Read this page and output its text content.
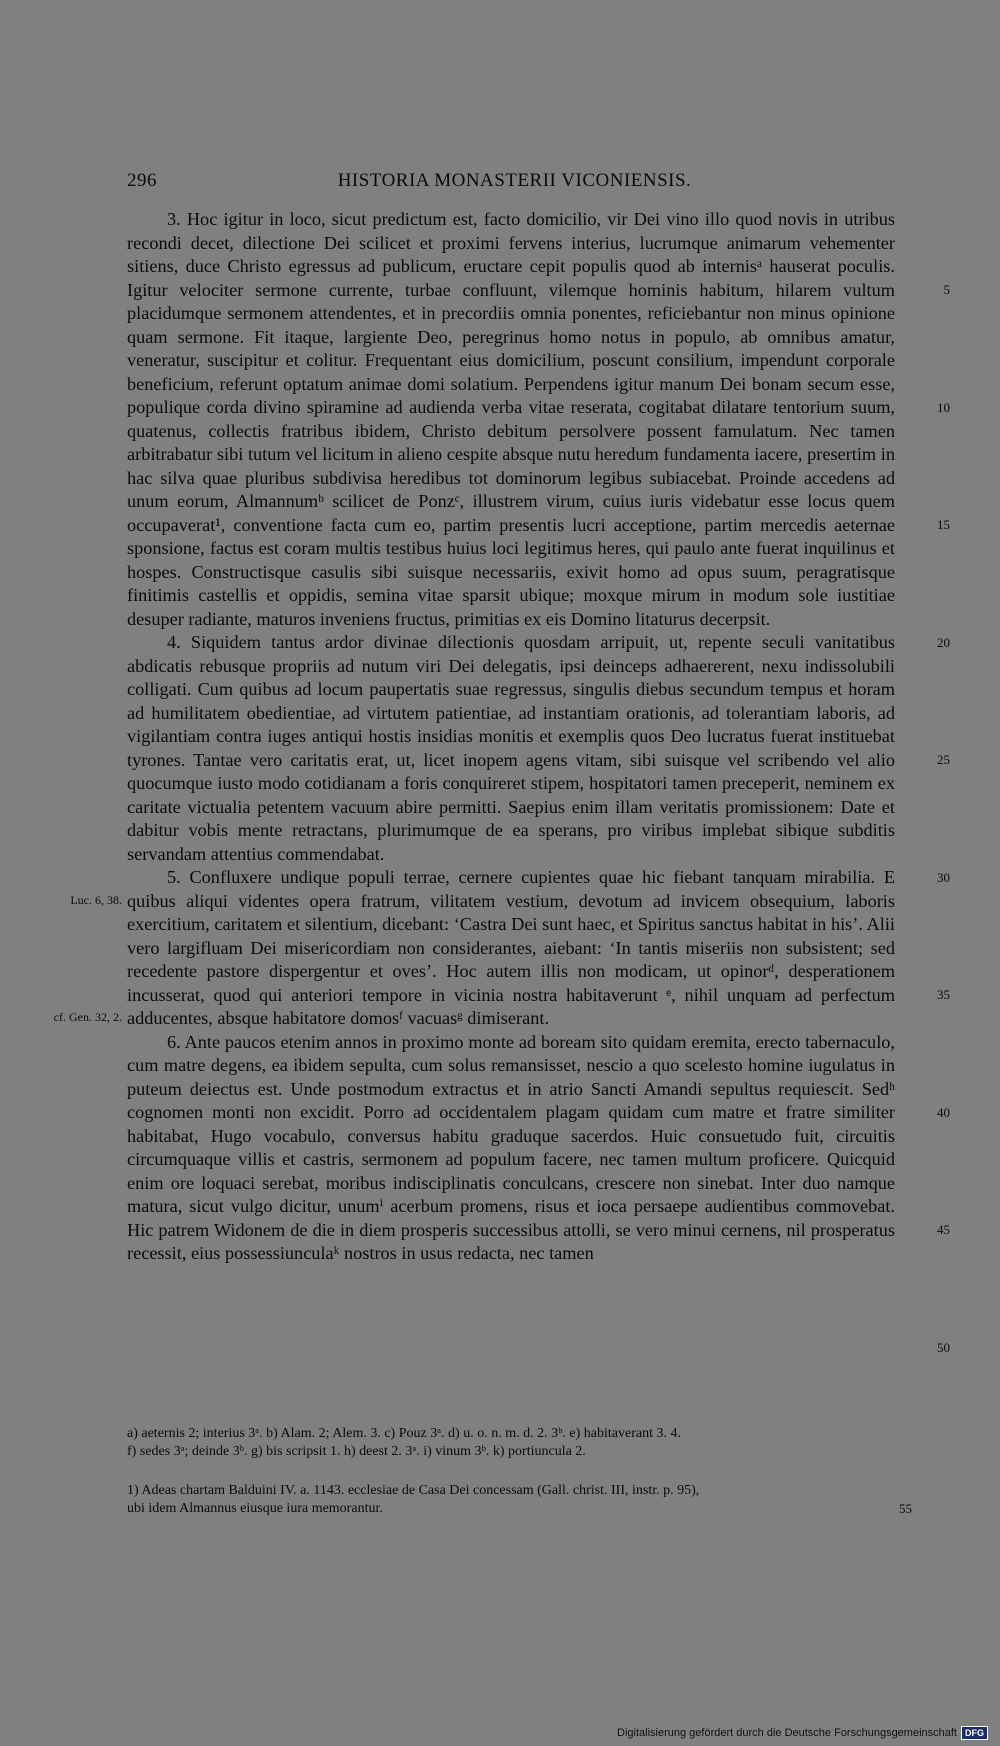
296	HISTORIA MONASTERII VICONIENSIS.

3. Hoc igitur in loco, sicut predictum est, facto domicilio, vir Dei vino illo quod novis in utribus recondi decet, dilectione Dei scilicet et proximi fervens interius, lucrumque animarum vehementer sitiens, duce Christo egressus ad publicum, eructare cepit populis quod ab internisᵃ hauserat poculis. Igitur velociter sermone currente, turbae confluunt, vilemque hominis habitum, hilarem vultum placidumque sermonem attendentes, et in precordiis omnia ponentes, reficiebantur non minus opinione quam sermone. Fit itaque, largiente Deo, peregrinus homo notus in populo, ab omnibus amatur, veneratur, suscipitur et colitur. Frequentant eius domicilium, poscunt consilium, impendunt corporale beneficium, referunt optatum animae domi solatium. Perpendens igitur manum Dei bonam secum esse, populique corda divino spiramine ad audienda verba vitae reserata, cogitabat dilatare tentorium suum, quatenus, collectis fratribus ibidem, Christo debitum persolvere possent famulatum. Nec tamen arbitrabatur sibi tutum vel licitum in alieno cespite absque nutu heredum fundamenta iacere, presertim in hac silva quae pluribus subdivisa heredibus tot dominorum legibus subiacebat. Proinde accedens ad unum eorum, Almannumᵇ scilicet de Ponzᶜ, illustrem virum, cuius iuris videbatur esse locus quem occupaverat¹, conventione facta cum eo, partim presentis lucri acceptione, partim mercedis aeternae sponsione, factus est coram multis testibus huius loci legitimus heres, qui paulo ante fuerat inquilinus et hospes. Constructisque casulis sibi suisque necessariis, exivit homo ad opus suum, peragratisque finitimis castellis et oppidis, semina vitae sparsit ubique; moxque mirum in modum sole iustitiae desuper radiante, maturos inveniens fructus, primitias ex eis Domino litaturus decerpsit.

4. Siquidem tantus ardor divinae dilectionis quosdam arripuit, ut, repente seculi vanitatibus abdicatis rebusque propriis ad nutum viri Dei delegatis, ipsi deinceps adhaererent, nexu indissolubili colligati. Cum quibus ad locum paupertatis suae regressus, singulis diebus secundum tempus et horam ad humilitatem obedientiae, ad virtutem patientiae, ad instantiam orationis, ad tolerantiam laboris, ad vigilantiam contra iuges antiqui hostis insidias monitis et exemplis quos Deo lucratus fuerat instituebat tyrones. Tantae vero caritatis erat, ut, licet inopem agens vitam, sibi suisque vel scribendo vel alio quocumque iusto modo cotidianam a foris conquireret stipem, hospitatori tamen preceperit, neminem ex caritate victualia petentem vacuum abire permitti. Saepius enim illam veritatis promissionem: Date et dabitur vobis mente retractans, plurimumque de ea sperans, pro viribus implebat sibique subditis servandam attentius commendabat.

5. Confluxere undique populi terrae, cernere cupientes quae hic fiebant tanquam mirabilia. E quibus aliqui videntes opera fratrum, vilitatem vestium, devotum ad invicem obsequium, laboris exercitium, caritatem et silentium, dicebant: ‘Castra Dei sunt haec, et Spiritus sanctus habitat in his’. Alii vero largifluam Dei misericordiam non considerantes, aiebant: ‘In tantis miseriis non subsistent; sed recedente pastore dispergentur et oves’. Hoc autem illis non modicam, ut opinorᵈ, desperationem incusserat, quod qui anteriori tempore in vicinia nostra habitaverunt ᵉ, nihil unquam ad perfectum adducentes, absque habitatore domosᶠ vacuasᵍ dimiserant.

6. Ante paucos etenim annos in proximo monte ad boream sito quidam eremita, erecto tabernaculo, cum matre degens, ea ibidem sepulta, cum solus remansisset, nescio a quo scelesto homine iugulatus in puteum deiectus est. Unde postmodum extractus et in atrio Sancti Amandi sepultus requiescit. Sedʰ cognomen monti non excidit. Porro ad occidentalem plagam quidam cum matre et fratre similiter habitabat, Hugo vocabulo, conversus habitu graduque sacerdos. Huic consuetudo fuit, circuitis circumquaque villis et castris, sermonem ad populum facere, nec tamen multum proficere. Quicquid enim ore loquaci serebat, moribus indisciplinatis conculcans, crescere non sinebat. Inter duo namque matura, sicut vulgo dicitur, unumⁱ acerbum promens, risus et ioca persaepe audientibus commovebat. Hic patrem Widonem de die in diem prosperis successibus attolli, se vero minui cernens, nil prosperatus recessit, eius possessiunculaᵏ nostros in usus redacta, nec tamen

5
10
15
20
25
30
35
40
45
50
Luc. 6, 38.
cf. Gen. 32, 2.
a) aeternis 2; interius 3ᵃ. b) Alam. 2; Alem. 3. c) Pouz 3ᵃ. d) u. o. n. m. d. 2. 3ᵇ. e) habitaverant 3. 4.
f) sedes 3ᵃ; deinde 3ᵇ. g) bis scripsit 1. h) deest 2. 3ᵃ. i) vinum 3ᵇ. k) portiuncula 2.
1) Adeas chartam Balduini IV. a. 1143. ecclesiae de Casa Dei concessam (Gall. christ. III, instr. p. 95),
ubi idem Almannus eiusque iura memorantur.	55
Digitalisierung gefördert durch die Deutsche Forschungsgemeinschaft DFG
